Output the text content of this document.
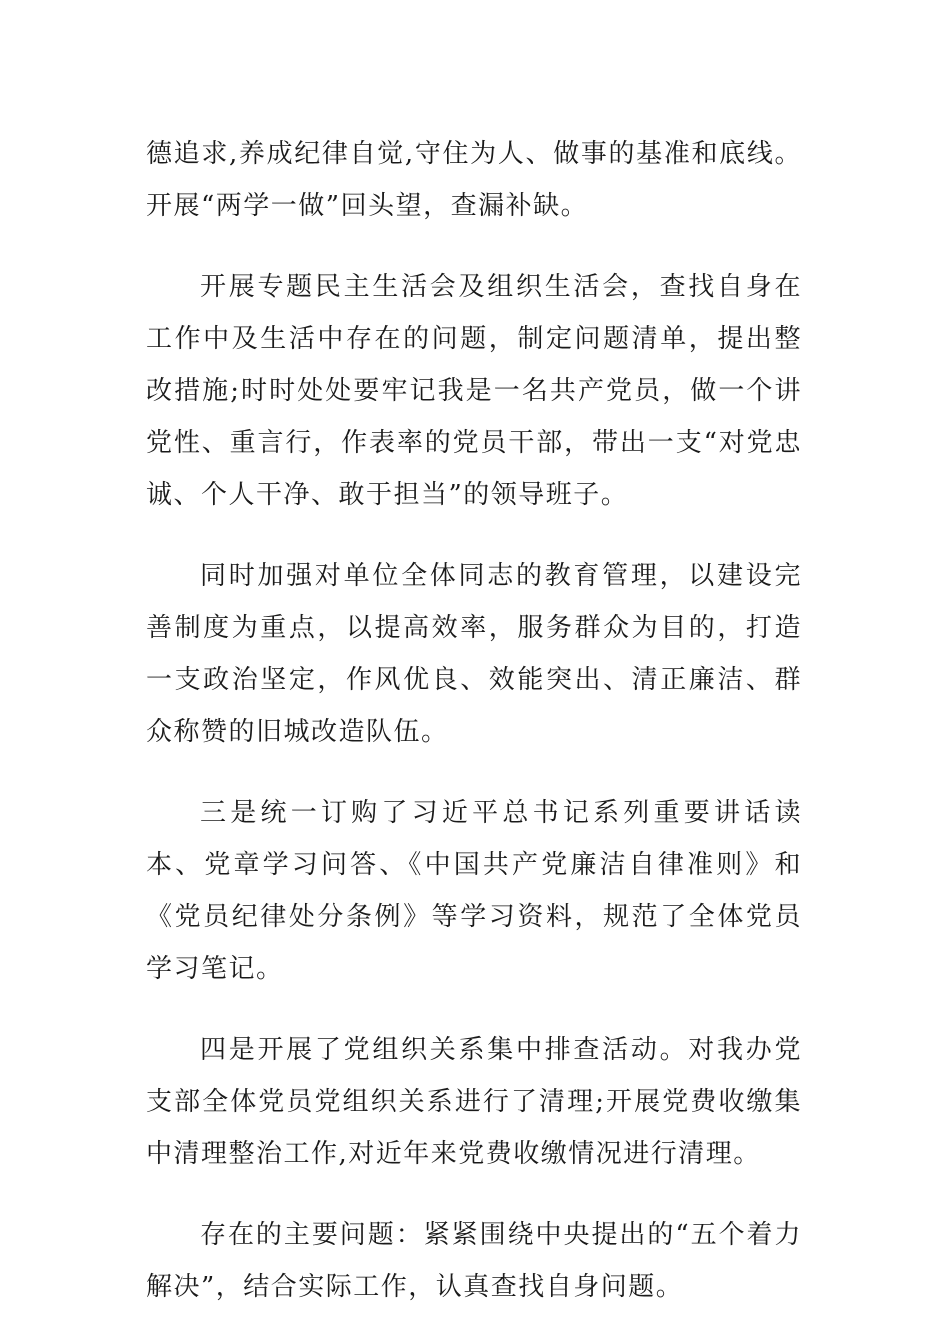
德追求,养成纪律自觉,守住为人、做事的基准和底线。开展“两学一做”回头望，查漏补缺。

开展专题民主生活会及组织生活会，查找自身在工作中及生活中存在的问题，制定问题清单，提出整改措施;时时处处要牢记我是一名共产党员，做一个讲党性、重言行，作表率的党员干部，带出一支“对党忠诚、个人干净、敢于担当”的领导班子。

同时加强对单位全体同志的教育管理，以建设完善制度为重点，以提高效率，服务群众为目的，打造一支政治坚定，作风优良、效能突出、清正廉洁、群众称赞的旧城改造队伍。

三是统一订购了习近平总书记系列重要讲话读本、党章学习问答、《中国共产党廉洁自律准则》和《党员纪律处分条例》等学习资料，规范了全体党员学习笔记。

四是开展了党组织关系集中排查活动。对我办党支部全体党员党组织关系进行了清理;开展党费收缴集中清理整治工作,对近年来党费收缴情况进行清理。

存在的主要问题：紧紧围绕中央提出的“五个着力解决”，结合实际工作，认真查找自身问题。
